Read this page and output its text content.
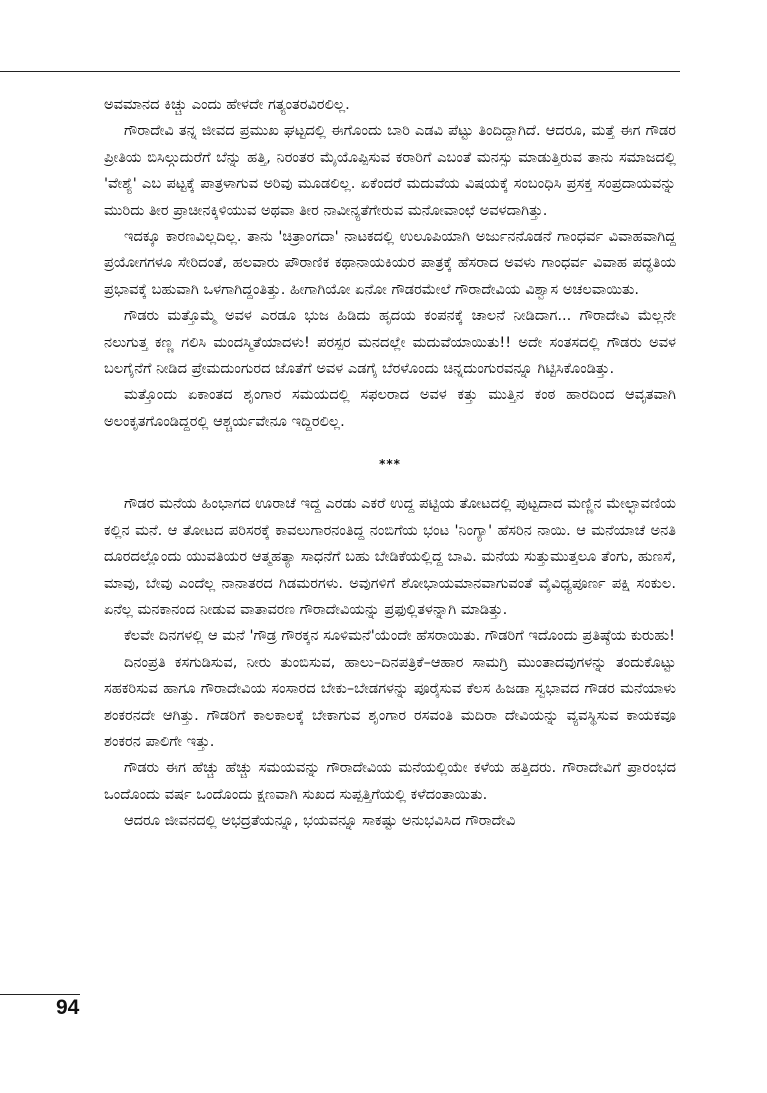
ಅವಮಾನದ ಕಿಚ್ಚು ಎಂದು ಹೇಳದೇ ಗತ್ಯಂತರವಿರಲಿಲ್ಲ.

ಗೌರಾದೇವಿ ತನ್ನ ಜೀವದ ಪ್ರಮುಖ ಘಟ್ಟದಲ್ಲಿ ಈಗೊಂದು ಬಾರಿ ಎಡವಿ ಪೆಟ್ಟು ತಿಂದಿದ್ದಾಗಿದೆ. ಆದರೂ, ಮತ್ತೆ ಈಗ ಗೌಡರ ಪ್ರೀತಿಯ ಬಿಸಿಲ್ಗುದುರೆಗೆ ಬೆನ್ನು ಹತ್ತಿ, ನಿರಂತರ ಮೈಯೊಪ್ಪಿಸುವ ಕರಾರಿಗೆ ಎಬಂತೆ ಮನಸ್ಸು ಮಾಡುತ್ತಿರುವ ತಾನು ಸಮಾಜದಲ್ಲಿ 'ವೇಶ್ಯೆ' ಎಬ ಪಟ್ಟಕ್ಕೆ ಪಾತ್ರಳಾಗುವ ಅರಿವು ಮೂಡಲಿಲ್ಲ. ಏಕೆಂದರೆ ಮದುವೆಯ ವಿಷಯಕ್ಕೆ ಸಂಬಂಧಿಸಿ ಪ್ರಸಕ್ತ ಸಂಪ್ರದಾಯವನ್ನು ಮುರಿದು ತೀರ ಪ್ರಾಚೀನಕ್ಕಿಳಿಯುವ ಅಥವಾ ತೀರ ನಾವೀನ್ಯತೆಗೇರುವ ಮನೋವಾಂಛೆ ಅವಳದಾಗಿತ್ತು.

ಇದಕ್ಕೂ ಕಾರಣವಿಲ್ಲದಿಲ್ಲ. ತಾನು 'ಚಿತ್ರಾಂಗದಾ' ನಾಟಕದಲ್ಲಿ ಉಲೂಪಿಯಾಗಿ ಅರ್ಜುನನೊಡನೆ ಗಾಂಧರ್ವ ವಿವಾಹವಾಗಿದ್ದ ಪ್ರಯೋಗಗಳೂ ಸೇರಿದಂತೆ, ಹಲವಾರು ಪೌರಾಣಿಕ ಕಥಾನಾಯಕಿಯರ ಪಾತ್ರಕ್ಕೆ ಹೆಸರಾದ ಅವಳು ಗಾಂಧರ್ವ ವಿವಾಹ ಪದ್ಧತಿಯ ಪ್ರಭಾವಕ್ಕೆ ಬಹುವಾಗಿ ಒಳಗಾಗಿದ್ದಂತಿತ್ತು. ಹೀಗಾಗಿಯೋ ಏನೋ ಗೌಡರಮೇಲೆ ಗೌರಾದೇವಿಯ ವಿಶ್ವಾಸ ಅಚಲವಾಯಿತು.

ಗೌಡರು ಮತ್ತೊಮ್ಮೆ ಅವಳ ಎರಡೂ ಭುಜ ಹಿಡಿದು ಹೃದಯ ಕಂಪನಕ್ಕೆ ಚಾಲನೆ ನೀಡಿದಾಗ... ಗೌರಾದೇವಿ ಮೆಲ್ಲನೇ ನಲುಗುತ್ತ ಕಣ್ಣ ಗಲಿಸಿ ಮಂದಸ್ಮಿತೆಯಾದಳು! ಪರಸ್ಪರ ಮನದಲ್ಲೇ ಮದುವೆಯಾಯಿತು!! ಅದೇ ಸಂತಸದಲ್ಲಿ ಗೌಡರು ಅವಳ ಬಲಗೈನೆಗೆ ನೀಡಿದ ಪ್ರೇಮದುಂಗುರದ ಜೊತೆಗೆ ಅವಳ ಎಡಗೈ ಬೆರಳೊಂದು ಚಿನ್ನದುಂಗುರವನ್ನೂ ಗಿಟ್ಟಿಸಿಕೊಂಡಿತ್ತು.

ಮತ್ತೊಂದು ಏಕಾಂತದ ಶೃಂಗಾರ ಸಮಯದಲ್ಲಿ ಸಫಲರಾದ ಅವಳ ಕತ್ತು ಮುತ್ತಿನ ಕಂಠ ಹಾರದಿಂದ ಆವೃತವಾಗಿ ಅಲಂಕೃತಗೊಂಡಿದ್ದರಲ್ಲಿ ಆಶ್ಚರ್ಯವೇನೂ ಇದ್ದಿರಲಿಲ್ಲ.

***

ಗೌಡರ ಮನೆಯ ಹಿಂಭಾಗದ ಊರಾಚೆ ಇದ್ದ ಎರಡು ಎಕರೆ ಉದ್ದ ಪಟ್ಟಿಯ ತೋಟದಲ್ಲಿ ಪುಟ್ಟದಾದ ಮಣ್ಣಿನ ಮೇಲ್ಛಾವಣಿಯ ಕಲ್ಲಿನ ಮನೆ. ಆ ತೋಟದ ಪರಿಸರಕ್ಕೆ ಕಾವಲುಗಾರನಂತಿದ್ದ ನಂಬಿಗೆಯ ಭಂಟ 'ನಿಂಗ್ಯಾ' ಹೆಸರಿನ ನಾಯಿ. ಆ ಮನೆಯಾಚೆ ಅನತಿ ದೂರದಲ್ಲೊಂದು ಯುವತಿಯರ ಆತ್ಮಹತ್ಯಾ ಸಾಧನೆಗೆ ಬಹು ಬೇಡಿಕೆಯಲ್ಲಿದ್ದ ಬಾವಿ. ಮನೆಯ ಸುತ್ತುಮುತ್ತಲೂ ತೆಂಗು, ಹುಣಸೆ, ಮಾವು, ಬೇವು ಎಂದೆಲ್ಲ ನಾನಾತರದ ಗಿಡಮರಗಳು. ಅವುಗಳಿಗೆ ಶೋಭಾಯಮಾನವಾಗುವಂತೆ ವೈವಿಧ್ಯಪೂರ್ಣ ಪಕ್ಷಿ ಸಂಕುಲ. ಏನೆಲ್ಲ ಮನಕಾನಂದ ನೀಡುವ ವಾತಾವರಣ ಗೌರಾದೇವಿಯನ್ನು ಪ್ರಫುಲ್ಲಿತಳನ್ನಾಗಿ ಮಾಡಿತ್ತು.

ಕೆಲವೇ ದಿನಗಳಲ್ಲಿ ಆ ಮನೆ 'ಗೌಡ್ರ ಗೌರಕ್ಕನ ಸೂಳಿಮನೆ'ಯೆಂದೇ ಹೆಸರಾಯಿತು. ಗೌಡರಿಗೆ ಇದೊಂದು ಪ್ರತಿಷ್ಠೆಯ ಕುರುಹು!

ದಿನಂಪ್ರತಿ ಕಸಗುಡಿಸುವ, ನೀರು ತುಂಬಿಸುವ, ಹಾಲು–ದಿನಪತ್ರಿಕೆ–ಆಹಾರ ಸಾಮಗ್ರಿ ಮುಂತಾದವುಗಳನ್ನು ತಂದುಕೊಟ್ಟು ಸಹಕರಿಸುವ ಹಾಗೂ ಗೌರಾದೇವಿಯ ಸಂಸಾರದ ಬೇಕು–ಬೇಡಗಳನ್ನು ಪೂರೈಸುವ ಕೆಲಸ ಹಿಜಡಾ ಸ್ವಭಾವದ ಗೌಡರ ಮನೆಯಾಳು ಶಂಕರನದೇ ಆಗಿತ್ತು. ಗೌಡರಿಗೆ ಕಾಲಕಾಲಕ್ಕೆ ಬೇಕಾಗುವ ಶೃಂಗಾರ ರಸವಂತಿ ಮದಿರಾ ದೇವಿಯನ್ನು ವ್ಯವಸ್ಥಿಸುವ ಕಾಯಕವೂ ಶಂಕರನ ಪಾಲಿಗೇ ಇತ್ತು.

ಗೌಡರು ಈಗ ಹೆಚ್ಚು ಹೆಚ್ಚು ಸಮಯವನ್ನು ಗೌರಾದೇವಿಯ ಮನೆಯಲ್ಲಿಯೇ ಕಳೆಯ ಹತ್ತಿದರು. ಗೌರಾದೇವಿಗೆ ಪ್ರಾರಂಭದ ಒಂದೊಂದು ವರ್ಷ ಒಂದೊಂದು ಕ್ಷಣವಾಗಿ ಸುಖದ ಸುಪ್ಪತ್ತಿಗೆಯಲ್ಲಿ ಕಳೆದಂತಾಯಿತು.

ಆದರೂ ಜೀವನದಲ್ಲಿ ಅಭದ್ರತೆಯನ್ನೂ, ಭಯವನ್ನೂ ಸಾಕಷ್ಟು ಅನುಭವಿಸಿದ ಗೌರಾದೇವಿ

94
